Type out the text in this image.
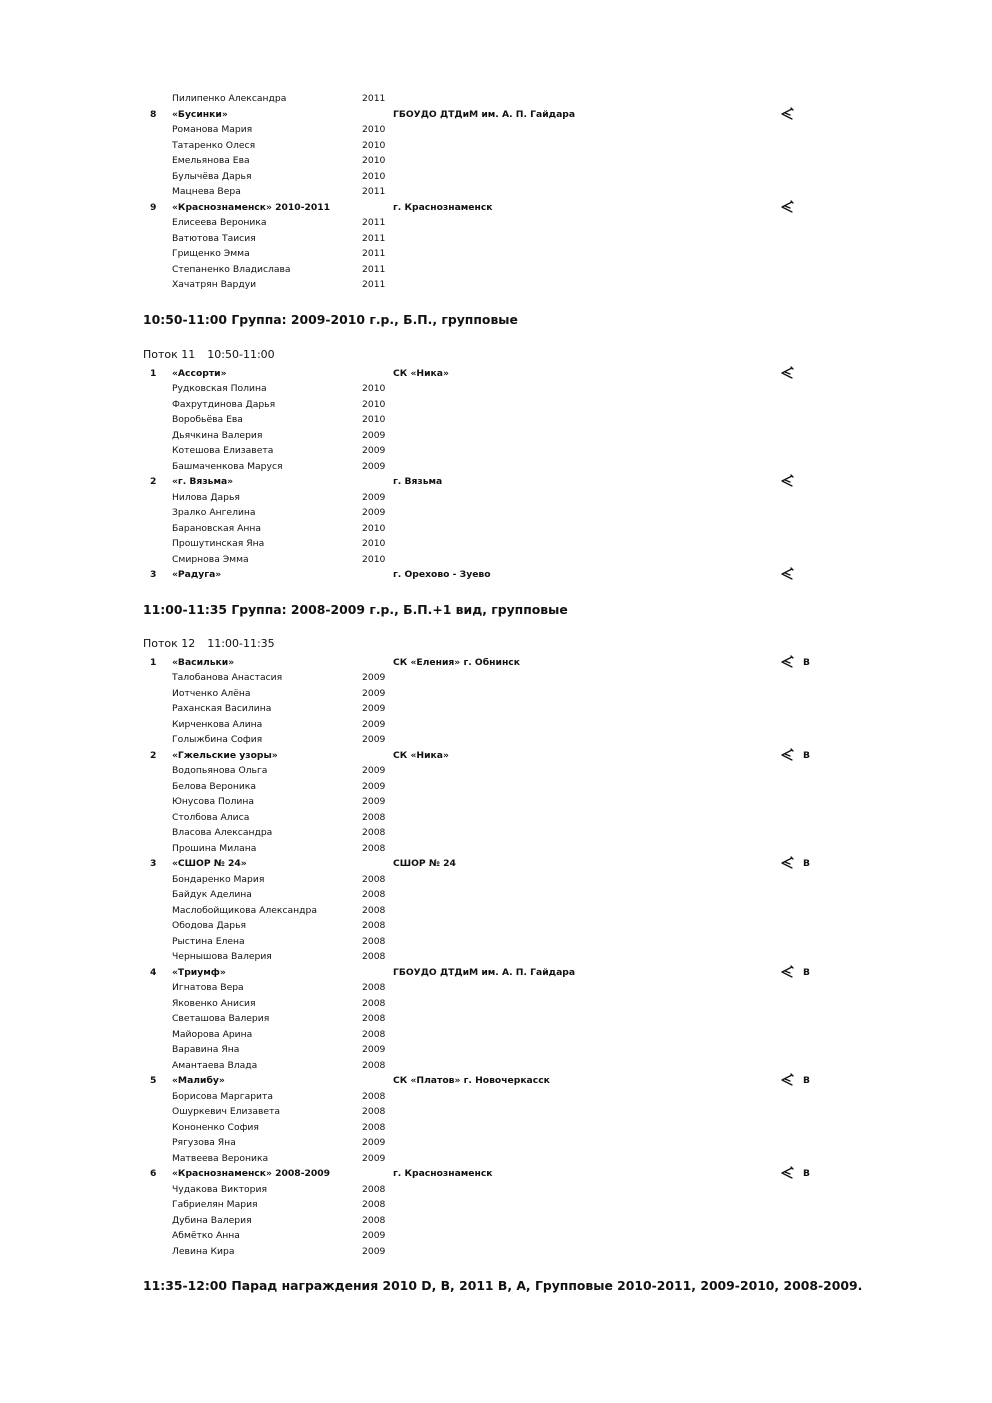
Пилипенко Александра	2011
8	«Бусинки»	ГБОУДО ДТДиМ им. А. П. Гайдара
Романова Мария	2010
Татаренко Олеся	2010
Емельянова Ева	2010
Булычёва Дарья	2010
Мацнева Вера	2011
9	«Краснознаменск» 2010-2011	г. Краснознаменск
Елисеева Вероника	2011
Ватютова Таисия	2011
Грищенко Эмма	2011
Степаненко Владислава	2011
Хачатрян Вардуи	2011
10:50-11:00 Группа: 2009-2010 г.р., Б.П., групповые
Поток 11 10:50-11:00
1	«Ассорти»	СК «Ника»
Рудковская Полина	2010
Фахрутдинова Дарья	2010
Воробьёва Ева	2010
Дьячкина Валерия	2009
Котешова Елизавета	2009
Башмаченкова Маруся	2009
2	«г. Вязьма»	г. Вязьма
Нилова Дарья	2009
Зралко Ангелина	2009
Барановская Анна	2010
Прошутинская Яна	2010
Смирнова Эмма	2010
3	«Радуга»	г. Орехово - Зуево
11:00-11:35 Группа: 2008-2009 г.р., Б.П.+1 вид, групповые
Поток 12 11:00-11:35
1	«Васильки»	СК «Еления» г. Обнинск	В
Талобанова Анастасия	2009
Иотченко Алёна	2009
Раханская Василина	2009
Кирченкова Алина	2009
Голыжбина София	2009
2	«Гжельские узоры»	СК «Ника»	В
Водопьянова Ольга	2009
Белова Вероника	2009
Юнусова Полина	2009
Столбова Алиса	2008
Власова Александра	2008
Прошина Милана	2008
3	«СШОР № 24»	СШОР № 24	В
Бондаренко Мария	2008
Байдук Аделина	2008
Маслобойщикова Александра	2008
Ободова Дарья	2008
Рыстина Елена	2008
Чернышова Валерия	2008
4	«Триумф»	ГБОУДО ДТДиМ им. А. П. Гайдара	В
Игнатова Вера	2008
Яковенко Анисия	2008
Светашова Валерия	2008
Майорова Арина	2008
Варавина Яна	2009
Амантаева Влада	2008
5	«Малибу»	СК «Платов» г. Новочеркасск	В
Борисова Маргарита	2008
Ошуркевич Елизавета	2008
Кононенко София	2008
Рягузова Яна	2009
Матвеева Вероника	2009
6	«Краснознаменск» 2008-2009	г. Краснознаменск	В
Чудакова Виктория	2008
Габриелян Мария	2008
Дубина Валерия	2008
Абмётко Анна	2009
Левина Кира	2009
11:35-12:00 Парад награждения 2010 D, В, 2011 В, А, Групповые 2010-2011, 2009-2010, 2008-2009.
